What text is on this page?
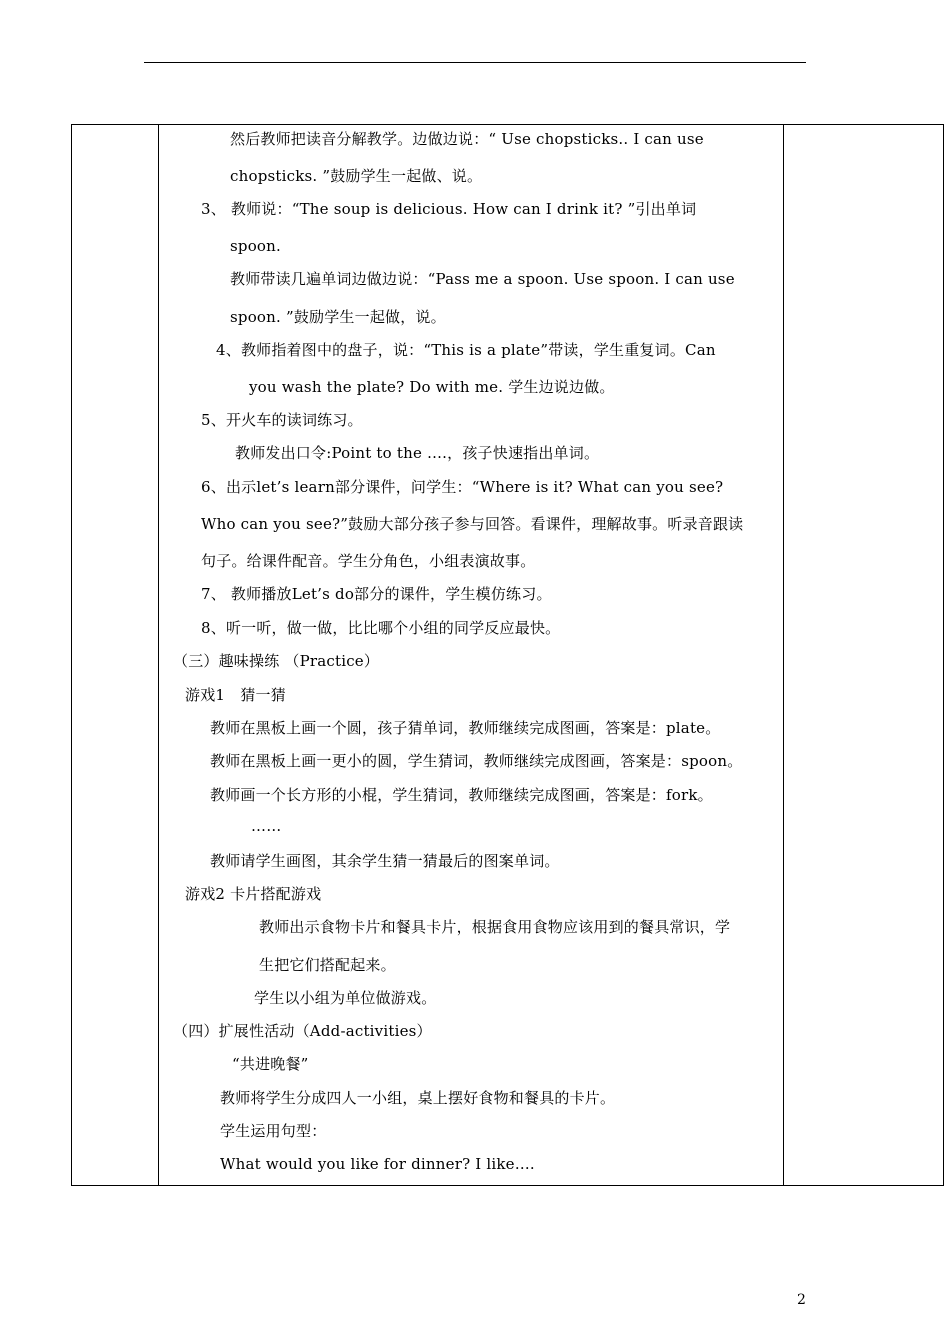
然后教师把读音分解教学。边做边说：“ Use chopsticks.. I can use
chopsticks. ”鼓励学生一起做、说。
3、 教师说：“The soup is delicious. How can I drink it? ”引出单词
spoon.
教师带读几遍单词边做边说：“Pass me a spoon. Use spoon. I can use
spoon. ”鼓励学生一起做，说。
4、教师指着图中的盘子，说：“This is a plate”带读，学生重复词。Can
you wash the plate? Do with me. 学生边说边做。
5、开火车的读词练习。
教师发出口令:Point to the ….，孩子快速指出单词。
6、出示let’s learn部分课件，问学生：“Where is it? What can you see?
Who can you see?”鼓励大部分孩子参与回答。看课件，理解故事。听录音跟读
句子。给课件配音。学生分角色，小组表演故事。
7、 教师播放Let’s do部分的课件，学生模仿练习。
8、听一听，做一做，比比哪个小组的同学反应最快。
（三）趣味操练 （Practice）
游戏1　猜一猜
教师在黑板上画一个圆，孩子猜单词，教师继续完成图画，答案是：plate。
教师在黑板上画一更小的圆，学生猜词，教师继续完成图画，答案是：spoon。
教师画一个长方形的小棍，学生猜词，教师继续完成图画，答案是：fork。
……
教师请学生画图，其余学生猜一猜最后的图案单词。
游戏2 卡片搭配游戏
教师出示食物卡片和餐具卡片，根据食用食物应该用到的餐具常识，学
生把它们搭配起来。
学生以小组为单位做游戏。
（四）扩展性活动（Add-activities）
“共进晚餐”
教师将学生分成四人一小组，桌上摆好食物和餐具的卡片。
学生运用句型：
What would you like for dinner? I like….
2
